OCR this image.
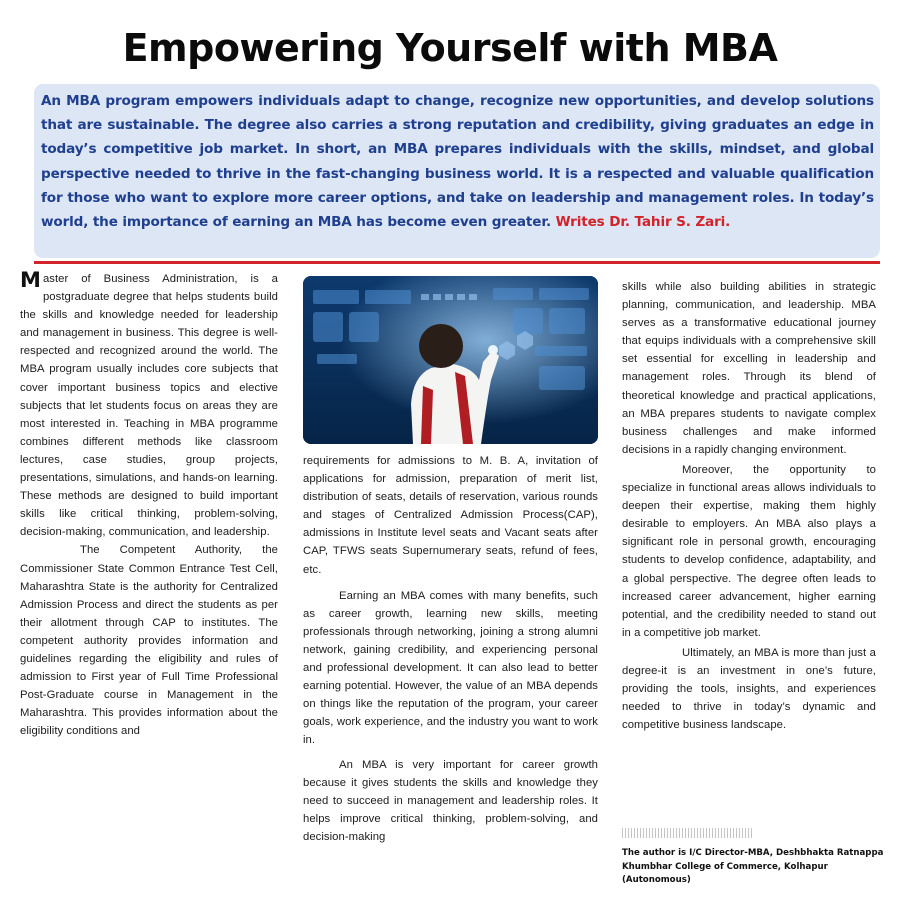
Empowering Yourself with MBA
An MBA program empowers individuals adapt to change, recognize new opportunities, and develop solutions that are sustainable. The degree also carries a strong reputation and credibility, giving graduates an edge in today’s competitive job market. In short, an MBA prepares individuals with the skills, mindset, and global perspective needed to thrive in the fast-changing business world. It is a respected and valuable qualification for those who want to explore more career options, and take on leadership and management roles. In today’s world, the importance of earning an MBA has become even greater. Writes Dr. Tahir S. Zari.

Master of Business Administration, is a postgraduate degree that helps students build the skills and knowledge needed for leadership and management in business. This degree is well-respected and recognized around the world. The MBA program usually includes core subjects that cover important business topics and elective subjects that let students focus on areas they are most interested in. Teaching in MBA programme combines different methods like classroom lectures, case studies, group projects, presentations, simulations, and hands-on learning. These methods are designed to build important skills like critical thinking, problem-solving, decision-making, communication, and leadership.

The Competent Authority, the Commissioner State Common Entrance Test Cell, Maharashtra State is the authority for Centralized Admission Process and direct the students as per their allotment through CAP to institutes. The competent authority provides information and guidelines regarding the eligibility and rules of admission to First year of Full Time Professional Post-Graduate course in Management in the Maharashtra. This provides information about the eligibility conditions and

requirements for admissions to M. B. A, invitation of applications for admission, preparation of merit list, distribution of seats, details of reservation, various rounds and stages of Centralized Admission Process(CAP), admissions in Institute level seats and Vacant seats after CAP, TFWS seats Supernumerary seats, refund of fees, etc.

Earning an MBA comes with many benefits, such as career growth, learning new skills, meeting professionals through networking, joining a strong alumni network, gaining credibility, and experiencing personal and professional development. It can also lead to better earning potential. However, the value of an MBA depends on things like the reputation of the program, your career goals, work experience, and the industry you want to work in.

An MBA is very important for career growth because it gives students the skills and knowledge they need to succeed in management and leadership roles. It helps improve critical thinking, problem-solving, and decision-making

skills while also building abilities in strategic planning, communication, and leadership. MBA serves as a transformative educational journey that equips individuals with a comprehensive skill set essential for excelling in leadership and management roles. Through its blend of theoretical knowledge and practical applications, an MBA prepares students to navigate complex business challenges and make informed decisions in a rapidly changing environment.

Moreover, the opportunity to specialize in functional areas allows individuals to deepen their expertise, making them highly desirable to employers. An MBA also plays a significant role in personal growth, encouraging students to develop confidence, adaptability, and a global perspective. The degree often leads to increased career advancement, higher earning potential, and the credibility needed to stand out in a competitive job market.

Ultimately, an MBA is more than just a degree-it is an investment in one’s future, providing the tools, insights, and experiences needed to thrive in today’s dynamic and competitive business landscape.

The author is I/C Director-MBA, Deshbhakta Ratnappa Khumbhar College of Commerce, Kolhapur (Autonomous)
